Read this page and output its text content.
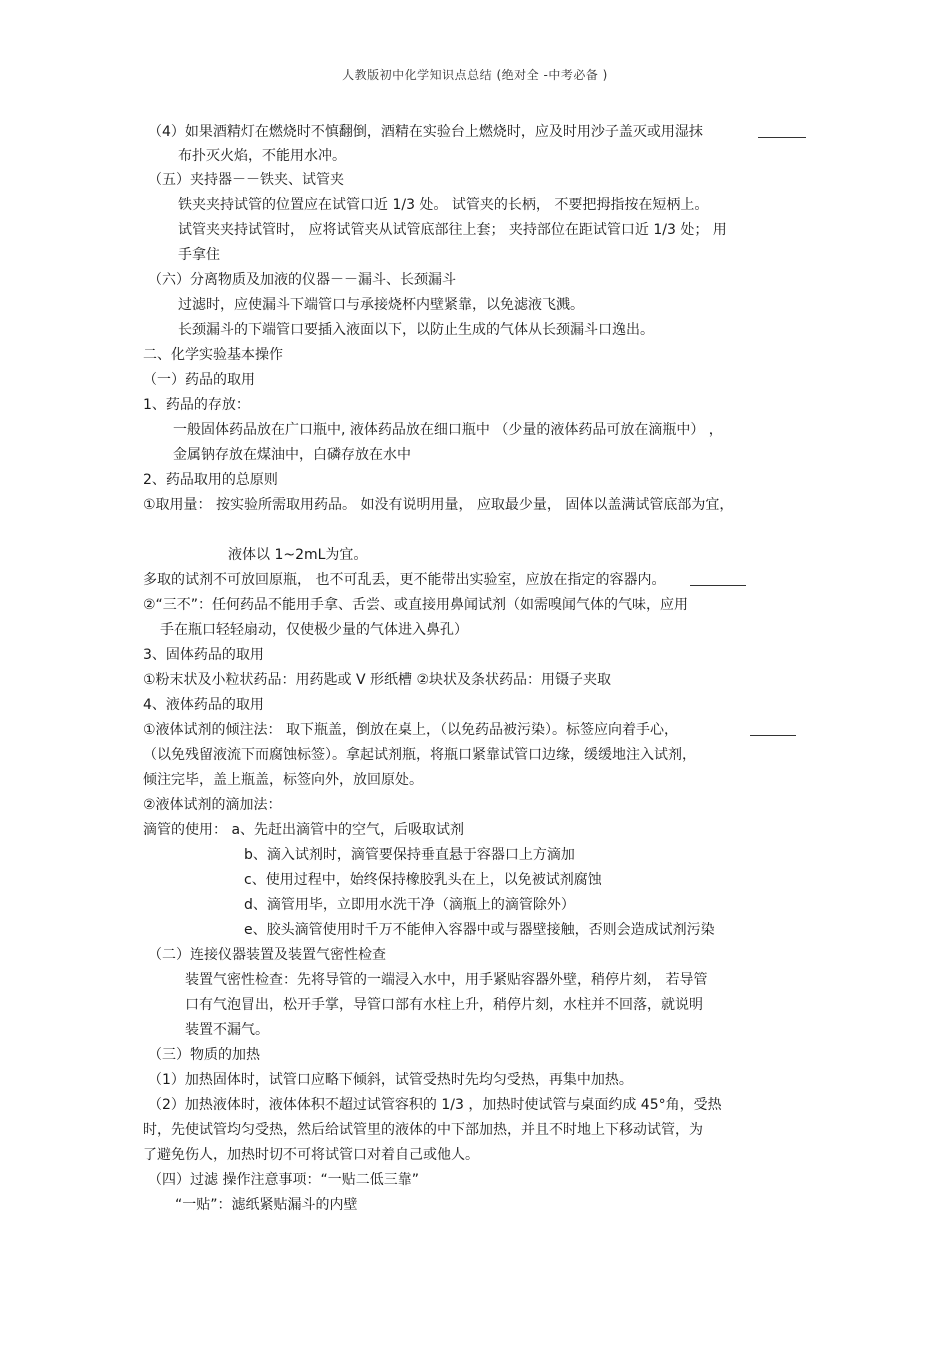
人教版初中化学知识点总结 (绝对全 -中考必备 )
（4）如果酒精灯在燃烧时不慎翻倒，酒精在实验台上燃烧时，应及时用沙子盖灭或用湿抹
布扑灭火焰，不能用水冲。
（五）夹持器－－铁夹、试管夹
铁夹夹持试管的位置应在试管口近 1/3 处。 试管夹的长柄， 不要把拇指按在短柄上。
试管夹夹持试管时， 应将试管夹从试管底部往上套； 夹持部位在距试管口近 1/3 处； 用
手拿住
（六）分离物质及加液的仪器－－漏斗、长颈漏斗
过滤时，应使漏斗下端管口与承接烧杯内壁紧靠，以免滤液飞溅。
长颈漏斗的下端管口要插入液面以下，以防止生成的气体从长颈漏斗口逸出。
二、化学实验基本操作
（一）药品的取用
1、药品的存放：
一般固体药品放在广口瓶中, 液体药品放在细口瓶中 （少量的液体药品可放在滴瓶中） ，
金属钠存放在煤油中，白磷存放在水中
2、药品取用的总原则
①取用量： 按实验所需取用药品。 如没有说明用量， 应取最少量， 固体以盖满试管底部为宜，
液体以 1~2mL为宜。
多取的试剂不可放回原瓶， 也不可乱丢，更不能带出实验室，应放在指定的容器内。
②“三不”：任何药品不能用手拿、舌尝、或直接用鼻闻试剂（如需嗅闻气体的气味，应用
手在瓶口轻轻扇动，仅使极少量的气体进入鼻孔）
3、固体药品的取用
①粉末状及小粒状药品：用药匙或 V 形纸槽 ②块状及条状药品：用镊子夹取
4、液体药品的取用
①液体试剂的倾注法： 取下瓶盖，倒放在桌上，（以免药品被污染）。标签应向着手心，
（以免残留液流下而腐蚀标签）。拿起试剂瓶，将瓶口紧靠试管口边缘，缓缓地注入试剂，
倾注完毕，盖上瓶盖，标签向外，放回原处。
②液体试剂的滴加法：
滴管的使用： a、先赶出滴管中的空气，后吸取试剂
b、滴入试剂时，滴管要保持垂直悬于容器口上方滴加
c、使用过程中，始终保持橡胶乳头在上，以免被试剂腐蚀
d、滴管用毕，立即用水洗干净（滴瓶上的滴管除外）
e、胶头滴管使用时千万不能伸入容器中或与器壁接触，否则会造成试剂污染
（二）连接仪器装置及装置气密性检查
装置气密性检查：先将导管的一端浸入水中，用手紧贴容器外壁，稍停片刻， 若导管
口有气泡冒出，松开手掌，导管口部有水柱上升，稍停片刻，水柱并不回落，就说明
装置不漏气。
（三）物质的加热
（1）加热固体时，试管口应略下倾斜，试管受热时先均匀受热，再集中加热。
（2）加热液体时，液体体积不超过试管容积的 1/3 ，加热时使试管与桌面约成 45°角，受热
时，先使试管均匀受热，然后给试管里的液体的中下部加热，并且不时地上下移动试管，为
了避免伤人，加热时切不可将试管口对着自己或他人。
（四）过滤 操作注意事项：“一贴二低三靠”
“一贴”：滤纸紧贴漏斗的内壁
